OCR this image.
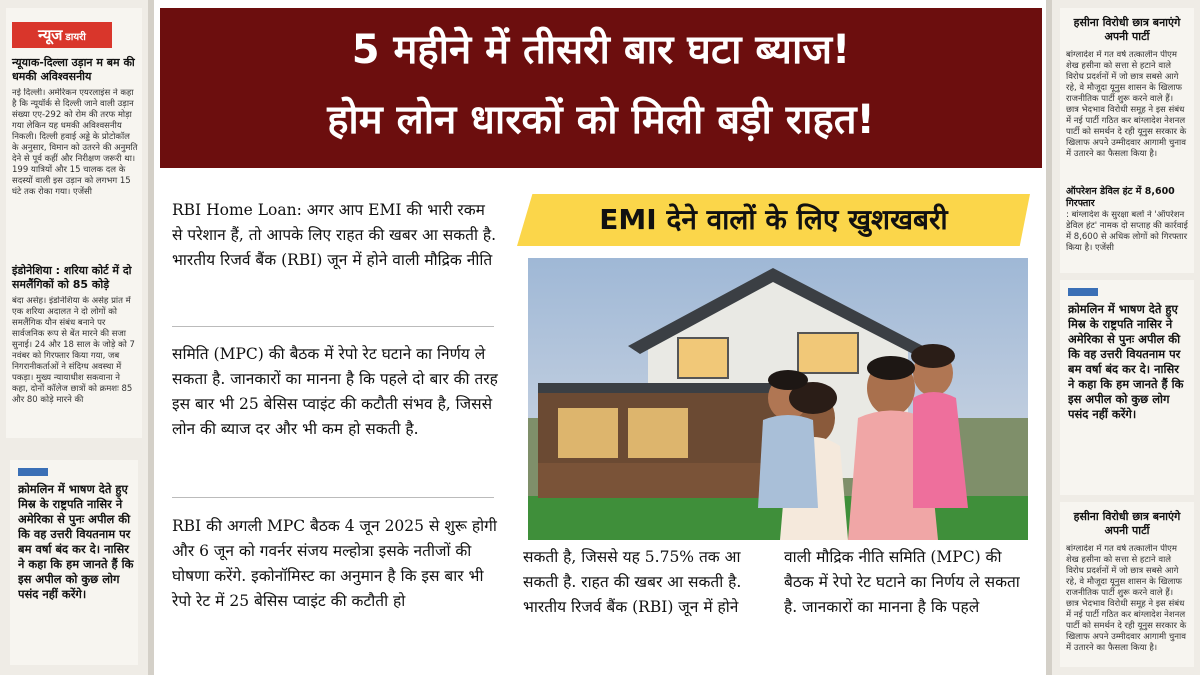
न्यूज डायरी
न्यूयाक-दिल्ला उड़ान म बम की धमकी अविश्वसनीय
नई दिल्ली। अमेरिकन एयरलाइंस ने कहा है कि न्यूयॉर्क से दिल्ली जाने वाली उड़ान संख्या एए-292 को रोम की तरफ मोड़ा गया लेकिन यह धमकी अविश्वसनीय निकली। दिल्ली हवाई अड्डे के प्रोटोकॉल के अनुसार, विमान को उतरने की अनुमति देने से पूर्व कहीं और निरीक्षण जरूरी था। 199 यात्रियों और 15 चालक दल के सदस्यों वाली इस उड़ान को लगभग 15 घंटे तक रोका गया। एजेंसी
इंडोनेशिया : शरिया कोर्ट में दो समलैंगिकों को 85 कोड़े
बंदा असेह। इंडोनेशिया के असेह प्रांत में एक शरिया अदालत ने दो लोगों को समलैंगिक यौन संबंध बनाने पर सार्वजनिक रूप से बेंत मारने की सजा सुनाई। 24 और 18 साल के जोड़े को 7 नवंबर को गिरफ्तार किया गया, जब निगरानीकर्ताओं ने संदिग्ध अवस्था में पकड़ा। मुख्य न्यायाधीश सकवाना ने कहा, दोनों कॉलेज छात्रों को क्रमशः 85 और 80 कोड़े मारने की
क्रोमलिन में भाषण देते हुए मिस्र के राष्ट्रपति नासिर ने अमेरिका से पुनः अपील की कि वह उत्तरी वियतनाम पर बम वर्षा बंद कर दे। नासिर ने कहा कि हम जानते हैं कि इस अपील को कुछ लोग पसंद नहीं करेंगे।
हसीना विरोधी छात्र बनाएंगे अपनी पार्टी
बांग्लादेश में गत वर्ष तत्कालीन पीएम शेख हसीना को सत्ता से हटाने वाले विरोध प्रदर्शनों में जो छात्र सबसे आगे रहे, वे मौजूदा यूनुस शासन के खिलाफ राजनीतिक पार्टी शुरू करने वाले हैं। छात्र भेदभाव विरोधी समूह ने इस संबंध में नई पार्टी गठित कर बांग्लादेश नेशनल पार्टी को समर्थन दे रही यूनुस सरकार के खिलाफ अपने उम्मीदवार आगामी चुनाव में उतारने का फैसला किया है।
ऑपरेशन डेविल हंट में 8,600 गिरफ्तार
: बांग्लादेश के सुरक्षा बलों ने 'ऑपरेशन डेविल हंट' नामक दो सप्ताह की कार्रवाई में 8,600 से अधिक लोगों को गिरफ्तार किया है। एजेंसी
क्रोमलिन में भाषण देते हुए मिस्र के राष्ट्रपति नासिर ने अमेरिका से पुनः अपील की कि वह उत्तरी वियतनाम पर बम वर्षा बंद कर दे। नासिर ने कहा कि हम जानते हैं कि इस अपील को कुछ लोग पसंद नहीं करेंगे।
हसीना विरोधी छात्र बनाएंगे अपनी पार्टी
बांग्लादेश में गत वर्ष तत्कालीन पीएम शेख हसीना को सत्ता से हटाने वाले विरोध प्रदर्शनों में जो छात्र सबसे आगे रहे, वे मौजूदा यूनुस शासन के खिलाफ राजनीतिक पार्टी शुरू करने वाले हैं। छात्र भेदभाव विरोधी समूह ने इस संबंध में नई पार्टी गठित कर बांग्लादेश नेशनल पार्टी को समर्थन दे रही यूनुस सरकार के खिलाफ अपने उम्मीदवार आगामी चुनाव में उतारने का फैसला किया है।
5 महीने में तीसरी बार घटा ब्याज!
होम लोन धारकों को मिली बड़ी राहत!
RBI Home Loan: अगर आप EMI की भारी रकम से परेशान हैं, तो आपके लिए राहत की खबर आ सकती है. भारतीय रिजर्व बैंक (RBI) जून में होने वाली मौद्रिक नीति
समिति (MPC) की बैठक में रेपो रेट घटाने का निर्णय ले सकता है. जानकारों का मानना है कि पहले दो बार की तरह इस बार भी 25 बेसिस प्वाइंट की कटौती संभव है, जिससे लोन की ब्याज दर और भी कम हो सकती है.
RBI की अगली MPC बैठक 4 जून 2025 से शुरू होगी और 6 जून को गवर्नर संजय मल्होत्रा इसके नतीजों की घोषणा करेंगे. इकोनॉमिस्ट का अनुमान है कि इस बार भी रेपो रेट में 25 बेसिस प्वाइंट की कटौती हो
EMI देने वालों के लिए खुशखबरी
सकती है, जिससे यह 5.75% तक आ सकती है. राहत की खबर आ सकती है. भारतीय रिजर्व बैंक (RBI) जून में होने
वाली मौद्रिक नीति समिति (MPC) की बैठक में रेपो रेट घटाने का निर्णय ले सकता है. जानकारों का मानना है कि पहले
